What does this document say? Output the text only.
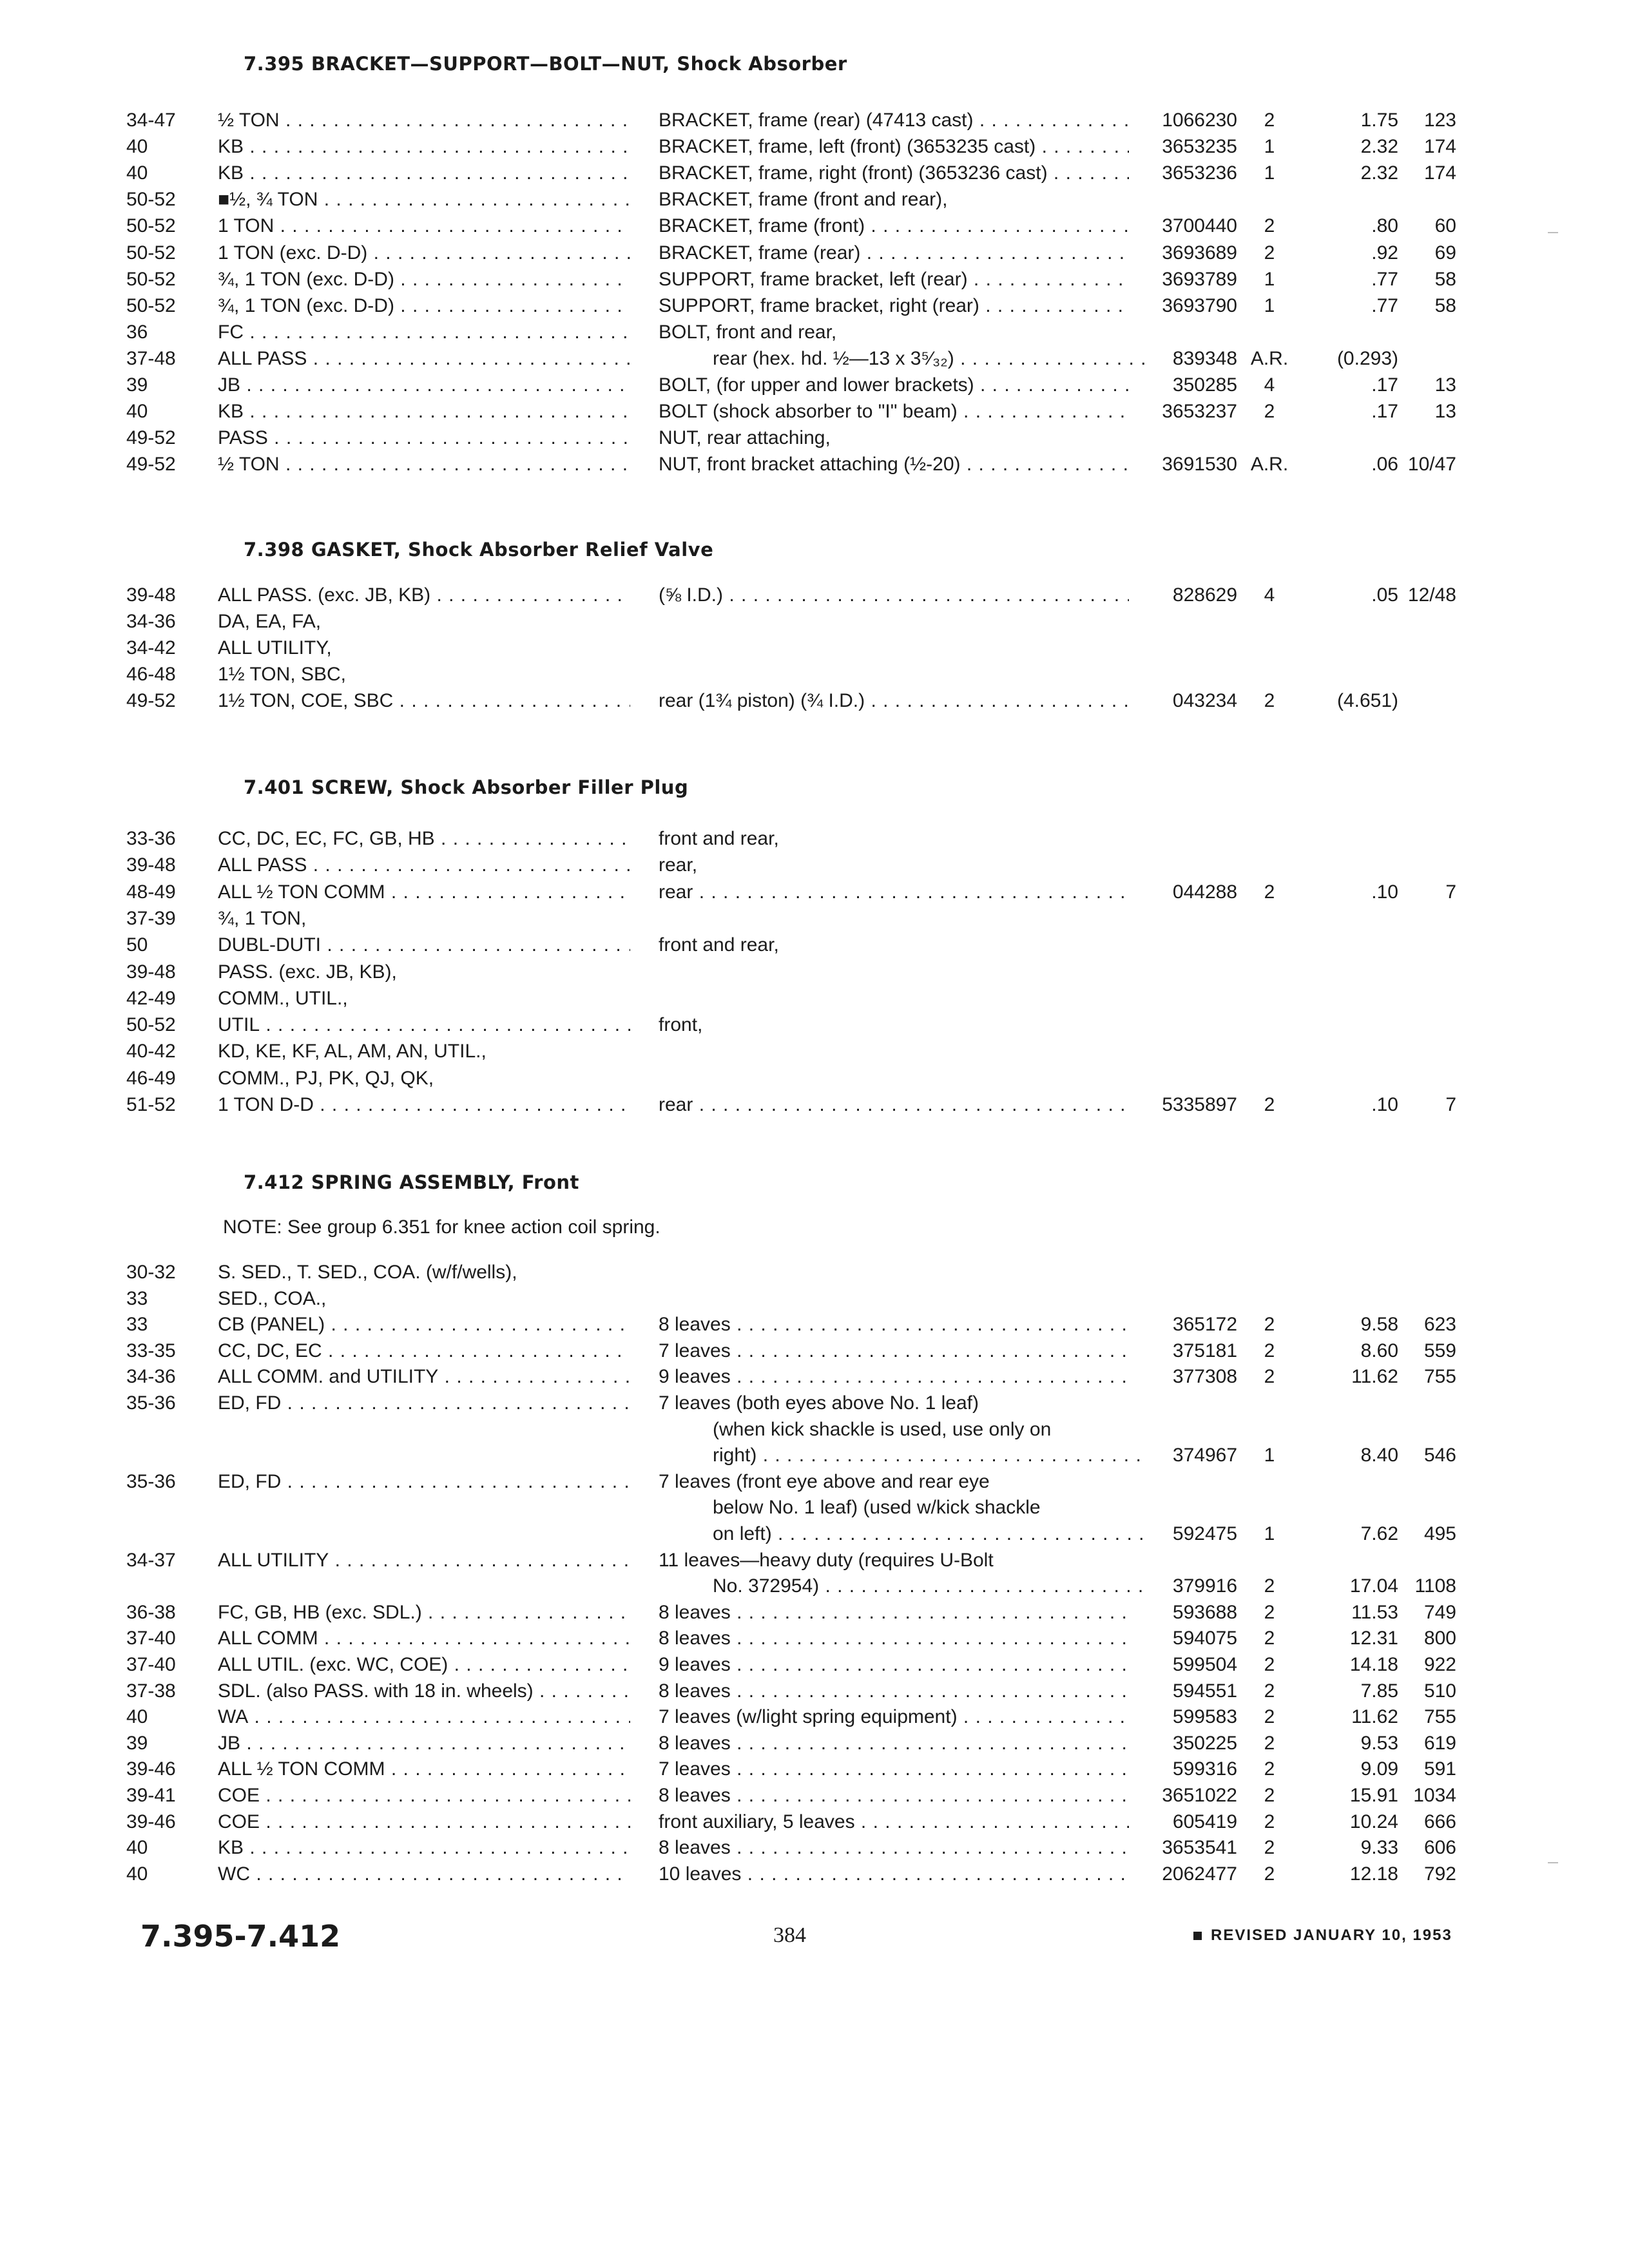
7.395 BRACKET—SUPPORT—BOLT—NUT, Shock Absorber
34-47	½ TON . . .	BRACKET, frame (rear) (47413 cast) . . .	1066230	2	1.75	123
40	KB . . .	BRACKET, frame, left (front) (3653235 cast) . . .	3653235	1	2.32	174
40	KB . . .	BRACKET, frame, right (front) (3653236 cast) . . .	3653236	1	2.32	174
50-52	■½, ¾ TON . . .	BRACKET, frame (front and rear),
50-52	1 TON . . .	BRACKET, frame (front) . . .	3700440	2	.80	60
50-52	1 TON (exc. D-D) . . .	BRACKET, frame (rear) . . .	3693689	2	.92	69
50-52	¾, 1 TON (exc. D-D) . . .	SUPPORT, frame bracket, left (rear) . . .	3693789	1	.77	58
50-52	¾, 1 TON (exc. D-D) . . .	SUPPORT, frame bracket, right (rear) . . .	3693790	1	.77	58
36	FC . . .	BOLT, front and rear,
37-48	ALL PASS . . .	rear (hex. hd. ½—13 x 3⁵⁄₃₂) . . .	839348 A.R.	(0.293)
39	JB . . .	BOLT, (for upper and lower brackets) . . .	350285	4	.17	13
40	KB . . .	BOLT (shock absorber to "I" beam) . . .	3653237	2	.17	13
49-52	PASS . . .	NUT, rear attaching,
49-52	½ TON . . .	NUT, front bracket attaching (½-20) . . .	3691530 A.R.	.06 10/47
7.398 GASKET, Shock Absorber Relief Valve
39-48	ALL PASS. (exc. JB, KB) . . .	(⅝ I.D.) . . .	828629	4	.05 12/48
34-36	DA, EA, FA,
34-42	ALL UTILITY,
46-48	1½ TON, SBC,
49-52	1½ TON, COE, SBC . . .	rear (1¾ piston) (¾ I.D.) . . .	043234	2	(4.651)
7.401 SCREW, Shock Absorber Filler Plug
33-36	CC, DC, EC, FC, GB, HB . . .	front and rear,
39-48	ALL PASS . . .	rear,
48-49	ALL ½ TON COMM . . .	rear . . .	044288	2	.10	7
37-39	¾, 1 TON,
50	DUBL-DUTI . . .	front and rear,
39-48	PASS. (exc. JB, KB),
42-49	COMM., UTIL.,
50-52	UTIL . . .	front,
40-42	KD, KE, KF, AL, AM, AN, UTIL.,
46-49	COMM., PJ, PK, QJ, QK,
51-52	1 TON D-D . . .	rear . . .	5335897	2	.10	7
7.412 SPRING ASSEMBLY, Front
NOTE: See group 6.351 for knee action coil spring.
30-32	S. SED., T. SED., COA. (w/f/wells),
33	SED., COA.,
33	CB (PANEL) . . .	8 leaves . . .	365172	2	9.58	623
33-35	CC, DC, EC . . .	7 leaves . . .	375181	2	8.60	559
34-36	ALL COMM. and UTILITY . . .	9 leaves . . .	377308	2	11.62	755
35-36	ED, FD . . .	7 leaves (both eyes above No. 1 leaf)
(when kick shackle is used, use only on
right) . . .	374967	1	8.40	546
35-36	ED, FD . . .	7 leaves (front eye above and rear eye
below No. 1 leaf) (used w/kick shackle
on left) . . .	592475	1	7.62	495
34-37	ALL UTILITY . . .	11 leaves—heavy duty (requires U-Bolt
No. 372954) . . .	379916	2	17.04 1108
36-38	FC, GB, HB (exc. SDL.) . . .	8 leaves . . .	593688	2	11.53	749
37-40	ALL COMM . . .	8 leaves . . .	594075	2	12.31	800
37-40	ALL UTIL. (exc. WC, COE) . . .	9 leaves . . .	599504	2	14.18	922
37-38	SDL. (also PASS. with 18 in. wheels) . . .	8 leaves . . .	594551	2	7.85	510
40	WA . . .	7 leaves (w/light spring equipment) . . .	599583	2	11.62	755
39	JB . . .	8 leaves . . .	350225	2	9.53	619
39-46	ALL ½ TON COMM . . .	7 leaves . . .	599316	2	9.09	591
39-41	COE . . .	8 leaves . . .	3651022	2	15.91 1034
39-46	COE . . .	front auxiliary, 5 leaves . . .	605419	2	10.24	666
40	KB . . .	8 leaves . . .	3653541	2	9.33	606
40	WC . . .	10 leaves . . .	2062477	2	12.18	792
7.395-7.412	384	REVISED JANUARY 10, 1953
